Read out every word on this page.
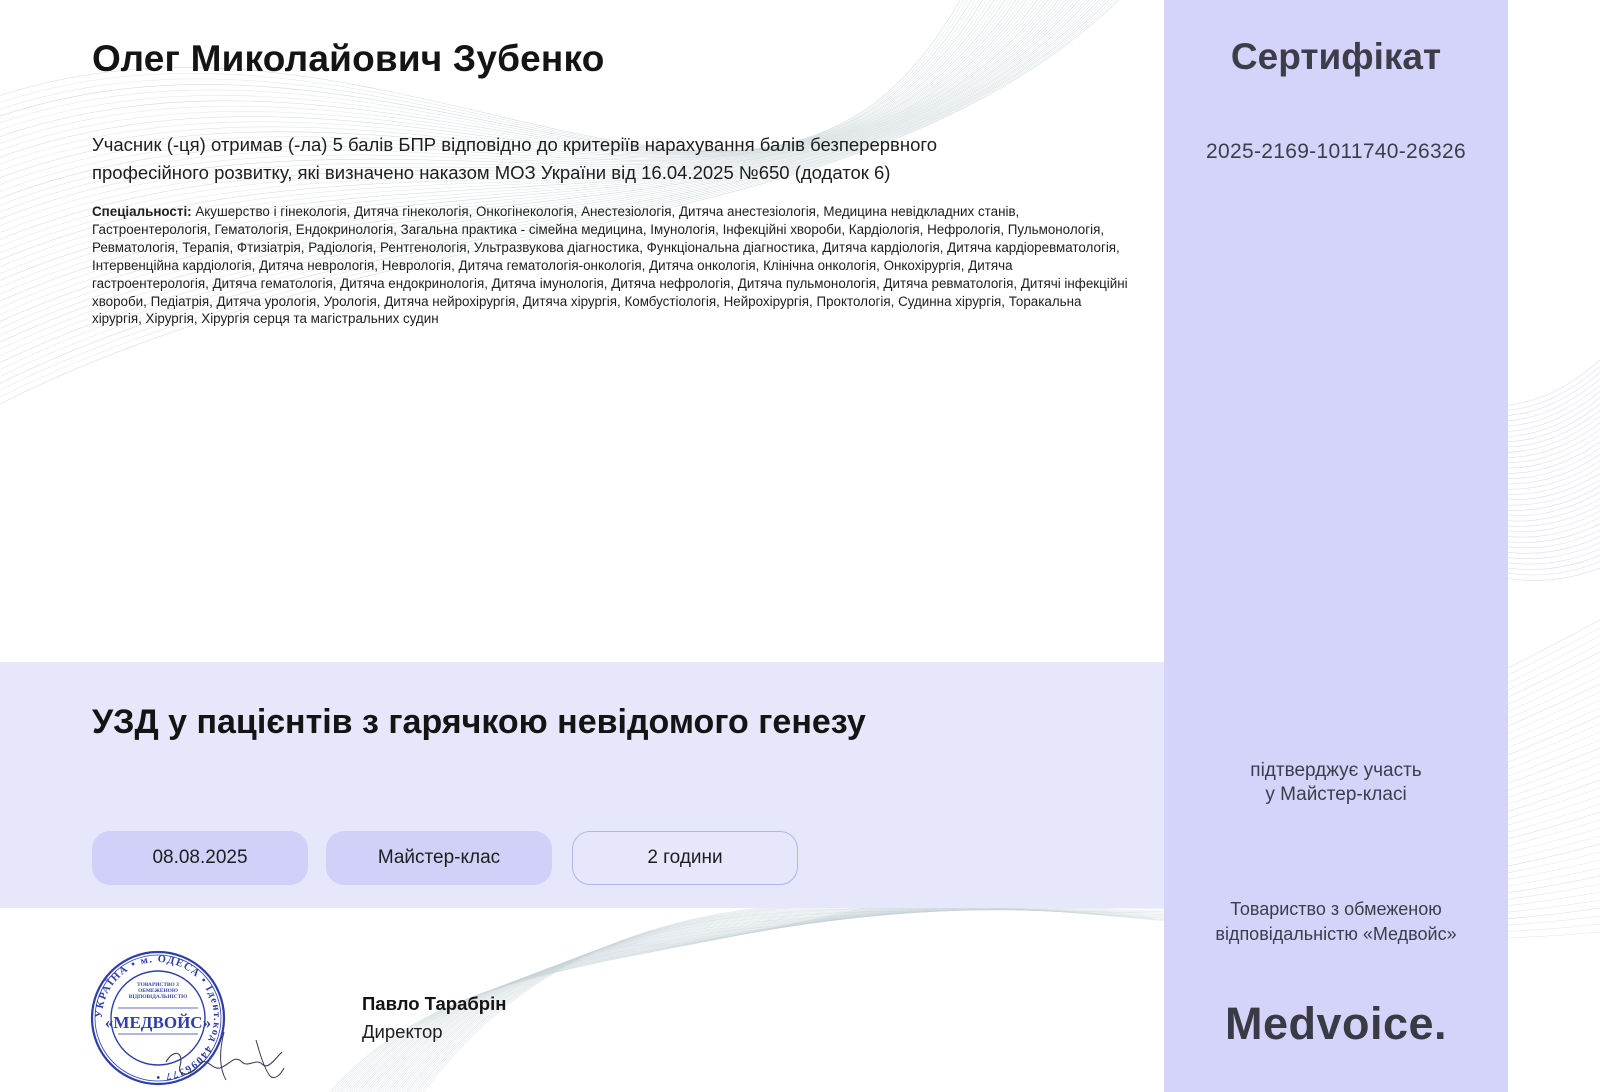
Олег Миколайович Зубенко
Учасник (-ця) отримав (-ла) 5 балів БПР відповідно до критеріїв нарахування балів безперервного
професійного розвитку, які визначено наказом МОЗ України від 16.04.2025 №650 (додаток 6)
Спеціальності: Акушерство і гінекологія, Дитяча гінекологія, Онкогінекологія, Анестезіологія, Дитяча анестезіологія, Медицина невідкладних станів, Гастроентерологія, Гематологія, Ендокринологія, Загальна практика - сімейна медицина, Імунологія, Інфекційні хвороби, Кардіологія, Нефрологія, Пульмонологія, Ревматологія, Терапія, Фтизіатрія, Радіологія, Рентгенологія, Ультразвукова діагностика, Функціональна діагностика, Дитяча кардіологія, Дитяча кардіоревматологія, Інтервенційна кардіологія, Дитяча неврологія, Неврологія, Дитяча гематологія-онкологія, Дитяча онкологія, Клінічна онкологія, Онкохірургія, Дитяча гастроентерологія, Дитяча гематологія, Дитяча ендокринологія, Дитяча імунологія, Дитяча нефрологія, Дитяча пульмонологія, Дитяча ревматологія, Дитячі інфекційні хвороби, Педіатрія, Дитяча урологія, Урологія, Дитяча нейрохірургія, Дитяча хірургія, Комбустіологія, Нейрохірургія, Проктологія, Судинна хірургія, Торакальна хірургія, Хірургія, Хірургія серця та магістральних судин
УЗД у пацієнтів з гарячкою невідомого генезу
08.08.2025	Майстер-клас	2 години
УКРАЇНА • м. ОДЕСА • Ідент.код 44096377 •
ТОВАРИСТВО З ОБМЕЖЕНОЮ ВІДПОВІДАЛЬНІСТЮ
«МЕДВОЙС»
Павло Тарабрін
Директор
Сертифікат
2025-2169-1011740-26326
підтверджує участь
у Майстер-класі
Товариство з обмеженою
відповідальністю «Медвойс»
Medvoice.
